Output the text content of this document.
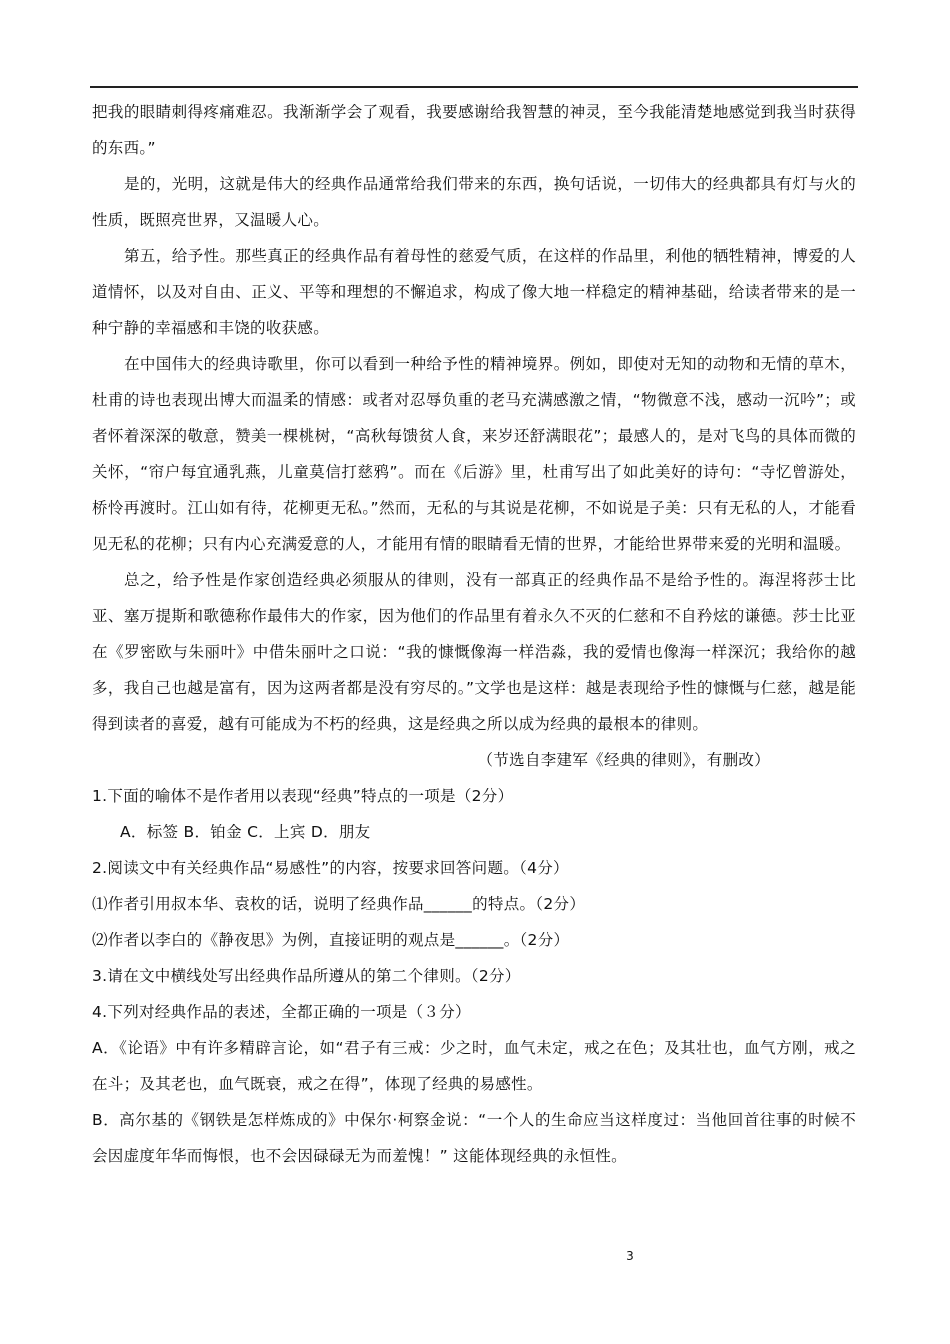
把我的眼睛刺得疼痛难忍。我渐渐学会了观看，我要感谢给我智慧的神灵，至今我能清楚地感觉到我当时获得的东西。”

是的，光明，这就是伟大的经典作品通常给我们带来的东西，换句话说，一切伟大的经典都具有灯与火的性质，既照亮世界，又温暖人心。

第五，给予性。那些真正的经典作品有着母性的慈爱气质，在这样的作品里，利他的牺牲精神，博爱的人道情怀，以及对自由、正义、平等和理想的不懈追求，构成了像大地一样稳定的精神基础，给读者带来的是一种宁静的幸福感和丰饶的收获感。

在中国伟大的经典诗歌里，你可以看到一种给予性的精神境界。例如，即使对无知的动物和无情的草木，杜甫的诗也表现出博大而温柔的情感：或者对忍辱负重的老马充满感激之情，“物微意不浅，感动一沉吟”；或者怀着深深的敬意，赞美一棵桃树，“高秋每馈贫人食，来岁还舒满眼花”；最感人的，是对飞鸟的具体而微的关怀，“帘户每宜通乳燕，儿童莫信打慈鸦”。而在《后游》里，杜甫写出了如此美好的诗句：“寺忆曾游处，桥怜再渡时。江山如有待，花柳更无私。”然而，无私的与其说是花柳，不如说是子美：只有无私的人，才能看见无私的花柳；只有内心充满爱意的人，才能用有情的眼睛看无情的世界，才能给世界带来爱的光明和温暖。

总之，给予性是作家创造经典必须服从的律则，没有一部真正的经典作品不是给予性的。海涅将莎士比亚、塞万提斯和歌德称作最伟大的作家，因为他们的作品里有着永久不灭的仁慈和不自矜炫的谦德。莎士比亚在《罗密欧与朱丽叶》中借朱丽叶之口说：“我的慷慨像海一样浩淼，我的爱情也像海一样深沉；我给你的越多，我自己也越是富有，因为这两者都是没有穷尽的。”文学也是这样：越是表现给予性的慷慨与仁慈，越是能得到读者的喜爱，越有可能成为不朽的经典，这是经典之所以成为经典的最根本的律则。

（节选自李建军《经典的律则》，有删改）

1.下面的喻体不是作者用以表现“经典”特点的一项是（2分）

A．标签 B．铂金 C．上宾 D．朋友

2.阅读文中有关经典作品“易感性”的内容，按要求回答问题。（4分）

⑴作者引用叔本华、袁枚的话，说明了经典作品______的特点。（2分）

⑵作者以李白的《静夜思》为例，直接证明的观点是______。（2分）

3.请在文中横线处写出经典作品所遵从的第二个律则。（2分）

4.下列对经典作品的表述，全都正确的一项是（３分）

A．《论语》中有许多精辟言论，如“君子有三戒：少之时，血气未定，戒之在色；及其壮也，血气方刚，戒之在斗；及其老也，血气既衰，戒之在得”，体现了经典的易感性。

B．高尔基的《钢铁是怎样炼成的》中保尔·柯察金说：“一个人的生命应当这样度过：当他回首往事的时候不会因虚度年华而悔恨，也不会因碌碌无为而羞愧！” 这能体现经典的永恒性。

3
